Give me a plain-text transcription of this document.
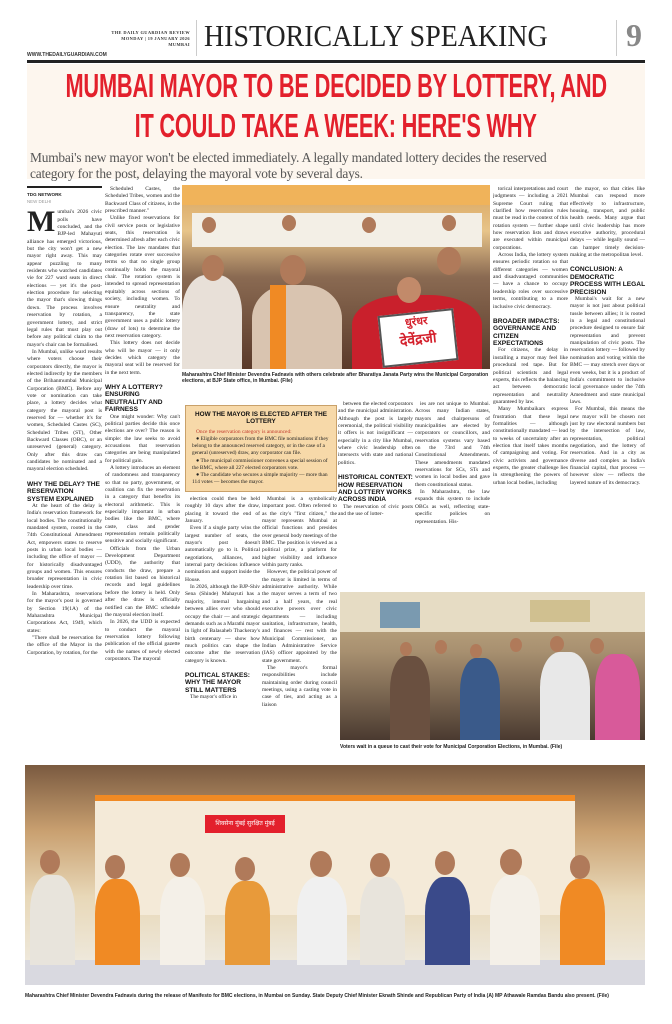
THE DAILY GUARDIAN REVIEW
MONDAY | 19 JANUARY 2026
MUMBAI
WWW.THEDAILYGUARDIAN.COM
HISTORICALLY SPEAKING 9
MUMBAI MAYOR TO BE DECIDED BY LOTTERY, AND
IT COULD TAKE A WEEK: HERE'S WHY
Mumbai's new mayor won't be elected immediately. A legally mandated lottery decides the reserved category for the post, delaying the mayoral vote by several days.
TDG NETWORK
NEW DELHI
M umbai's 2026 civic polls have concluded, and the BJP-led Mahayuti alliance has emerged victorious, but the city won't get a new mayor right away. This may appear puzzling to many residents who watched candidates vie for 227 ward seats in direct elections — yet it's the post-election procedure for selecting the mayor that's slowing things down. The process involves reservation by rotation, a government lottery, and strict legal rules that must play out before any political claim to the mayor's chair can be formalised.

In Mumbai, unlike ward results where voters choose their corporators directly, the mayor is elected indirectly by the members of the Brihanmumbai Municipal Corporation (BMC). Before any vote or nomination can take place, a lottery decides what category the mayoral post is reserved for — whether it's for women, Scheduled Castes (SC), Scheduled Tribes (ST), Other Backward Classes (OBC), or an unreserved (general) category. Only after this draw can candidates be nominated and a mayoral election scheduled.

WHY THE DELAY? THE RESERVATION SYSTEM EXPLAINED

At the heart of the delay is India's reservation framework for local bodies. The constitutionally mandated system, rooted in the 74th Constitutional Amendment Act, empowers states to reserve posts in urban local bodies — including the office of mayor — for historically disadvantaged groups and women. This ensures broader representation in civic leadership over time.

In Maharashtra, reservations for the mayor's post is governed by Section 19(1A) of the Maharashtra Municipal Corporations Act, 1949, which states:

"There shall be reservation for the office of the Mayor in the Corporation, by rotation, for the

Scheduled Castes, the Scheduled Tribes, women and the Backward Class of citizens, in the prescribed manner."

Unlike fixed reservations for civil service posts or legislative seats, this reservation is determined afresh after each civic election. The law mandates that categories rotate over successive terms so that no single group continually holds the mayoral chair. The rotation system is intended to spread representation equitably across sections of society, including women. To ensure neutrality and transparency, the state government uses a public lottery (draw of lots) to determine the next reservation category.

This lottery does not decide who will be mayor — it only decides which category the mayoral seat will be reserved for in the next term.

WHY A LOTTERY? ENSURING NEUTRALITY AND FAIRNESS

One might wonder: Why can't political parties decide this once elections are over? The reason is simple: the law seeks to avoid accusations that reservation categories are being manipulated for political gain.

A lottery introduces an element of randomness and transparency so that no party, government, or coalition can fix the reservation in a category that benefits its electoral arithmetic. This is especially important in urban bodies like the BMC, where caste, class and gender representation remain politically sensitive and socially significant.

Officials from the Urban Development Department (UDD), the authority that conducts the draw, prepare a rotation list based on historical records and legal guidelines before the lottery is held. Only after the draw is officially notified can the BMC schedule the mayoral election itself.

In 2026, the UDD is expected to conduct the mayoral reservation lottery following publication of the official gazette with the names of newly elected corporators. The mayoral

धुरंधर
देवेंद्रजी
Maharashtra Chief Minister Devendra Fadnavis with others celebrate after Bharatiya Janata Party wins the Municipal Corporation elections, at BJP State office, in Mumbai. (File)
HOW THE MAYOR IS ELECTED AFTER THE LOTTERY

Once the reservation category is announced:

● Eligible corporators from the BMC file nominations if they belong to the announced reserved category, or in the case of a general (unreserved) draw, any corporator can file.

● The municipal commissioner convenes a special session of the BMC, where all 227 elected corporators vote.

● The candidate who secures a simple majority — more than 114 votes — becomes the mayor.

election could then be held roughly 10 days after the draw, placing it toward the end of January.

Even if a single party wins the largest number of seats, the mayor's post doesn't automatically go to it. Political negotiations, alliances, and internal party decisions influence nomination and support inside the House.

In 2026, although the BJP-Shiv Sena (Shinde) Mahayuti has a majority, internal bargaining between allies over who should occupy the chair — and strategic demands such as a Marathi mayor in light of Balasaheb Thackeray's birth centenary — show how much politics can shape the outcome after the reservation category is known.

POLITICAL STAKES: WHY THE MAYOR STILL MATTERS

The mayor's office in

Mumbai is a symbolically important post. Often referred to as the city's "first citizen," the mayor represents Mumbai at official functions and presides over general body meetings of the BMC. The position is viewed as a political prize, a platform for higher visibility and influence within party ranks.

However, the political power of the mayor is limited in terms of administrative authority. While the mayor serves a term of two and a half years, the real executive powers over civic departments — including sanitation, infrastructure, health, and finances — rest with the Municipal Commissioner, an Indian Administrative Service (IAS) officer appointed by the state government.

The mayor's formal responsibilities include maintaining order during council meetings, using a casting vote in case of ties, and acting as a liaison

between the elected corporators and the municipal administration. Although the post is largely ceremonial, the political visibility it offers is not insignificant — especially in a city like Mumbai, where civic leadership often intersects with state and national politics.

HISTORICAL CONTEXT: HOW RESERVATION AND LOTTERY WORKS ACROSS INDIA

The reservation of civic posts and the use of lotter-

ies are not unique to Mumbai. Across many Indian states, mayors and chairpersons of municipalities are elected by corporators or councillors, and reservation systems vary based on the 73rd and 74th Constitutional Amendments. These amendments mandated reservations for SCs, STs and women in local bodies and gave them constitutional status.

In Maharashtra, the law expands this system to include OBCs as well, reflecting state-specific policies on representation. His-

torical interpretations and court judgments — including a 2021 Supreme Court ruling that clarified how reservation rules must be read in the context of this rotation system — further shape how reservation lists and draws are executed within municipal corporations.

Across India, the lottery system ensures periodic rotation so that different categories — women and disadvantaged communities — have a chance to occupy leadership roles over successive terms, contributing to a more inclusive civic democracy.

BROADER IMPACTS: GOVERNANCE AND CITIZEN EXPECTATIONS

For citizens, the delay in installing a mayor may feel like procedural red tape. But for political scientists and legal experts, this reflects the balancing act between democratic representation and neutrality guaranteed by law.

Many Mumbaikars express frustration that these legal formalities — although constitutionally mandated — lead to weeks of uncertainty after an election that itself takes months of campaigning and voting. For civic activists and governance experts, the greater challenge lies in strengthening the powers of urban local bodies, including

the mayor, so that cities like Mumbai can respond more effectively to infrastructure, housing, transport, and public health needs. Many argue that until civic leadership has more executive authority, procedural delays — while legally sound — can hamper timely decision-making at the metropolitan level.

CONCLUSION: A DEMOCRATIC PROCESS WITH LEGAL PRECISION

Mumbai's wait for a new mayor is not just about political tussle between allies; it is rooted in a legal and constitutional procedure designed to ensure fair representation and prevent manipulation of civic posts. The reservation lottery — followed by nomination and voting within the BMC — may stretch over days or even weeks, but it is a product of India's commitment to inclusive local governance under the 74th Amendment and state municipal laws.

For Mumbai, this means the new mayor will be chosen not just by raw electoral numbers but by the intersection of law, representation, political negotiation, and the lottery of reservation. And in a city as diverse and complex as India's financial capital, that process — however slow — reflects the layered nature of its democracy.

Voters wait in a queue to cast their vote for Municipal Corporation Elections, in Mumbai. (File)
शिवसेना मुंबई सुरक्षित मुंबई
Maharashtra Chief Minister Devendra Fadnavis during the release of Manifesto for BMC elections, in Mumbai on Sunday. State Deputy Chief Minister Eknath Shinde and Republican Party of India (A) MP Athawale Ramdas Bandu also present. (File)
